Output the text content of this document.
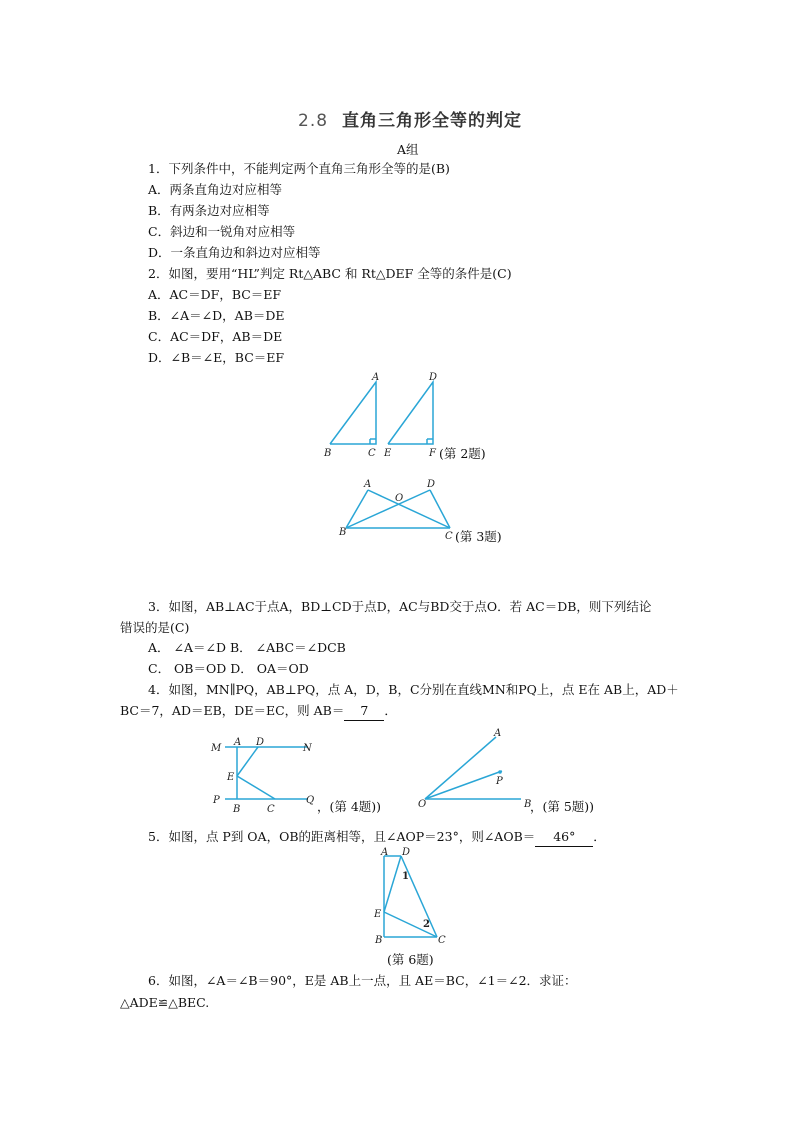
2.8 直角三角形全等的判定
A组
1．下列条件中，不能判定两个直角三角形全等的是(B)
A．两条直角边对应相等
B．有两条边对应相等
C．斜边和一锐角对应相等
D．一条直角边和斜边对应相等
2．如图，要用“HL”判定 Rt△ABC 和 Rt△DEF 全等的条件是(C)
A．AC＝DF，BC＝EF
B．∠A＝∠D，AB＝DE
C．AC＝DF，AB＝DE
D．∠B＝∠E，BC＝EF
A
B	C
D
E	F (第 2题)
A
O
D
B	C (第 3题)
3．如图，AB⊥AC于点A，BD⊥CD于点D，AC与BD交于点O．若 AC＝DB，则下列结论
错误的是(C)
A． ∠A＝∠D B． ∠ABC＝∠DCB
C． OB＝OD D． OA＝OD
4．如图，MN∥PQ，AB⊥PQ，点 A，D，B，C分别在直线MN和PQ上，点 E在 AB上，AD＋
BC＝7，AD＝EB，DE＝EC，则 AB＝ 7 ．
M
A D
N
E
P
B	C
Q ，(第 4题))
A
P
O	B
，(第 5题))
5．如图，点 P到 OA，OB的距离相等，且∠AOP＝23°，则∠AOB＝ 46° ．
A D
1
E
2
B	C
(第 6题)
6．如图，∠A＝∠B＝90°，E是 AB上一点，且 AE＝BC，∠1＝∠2．求证：
△ADE≌△BEC.
